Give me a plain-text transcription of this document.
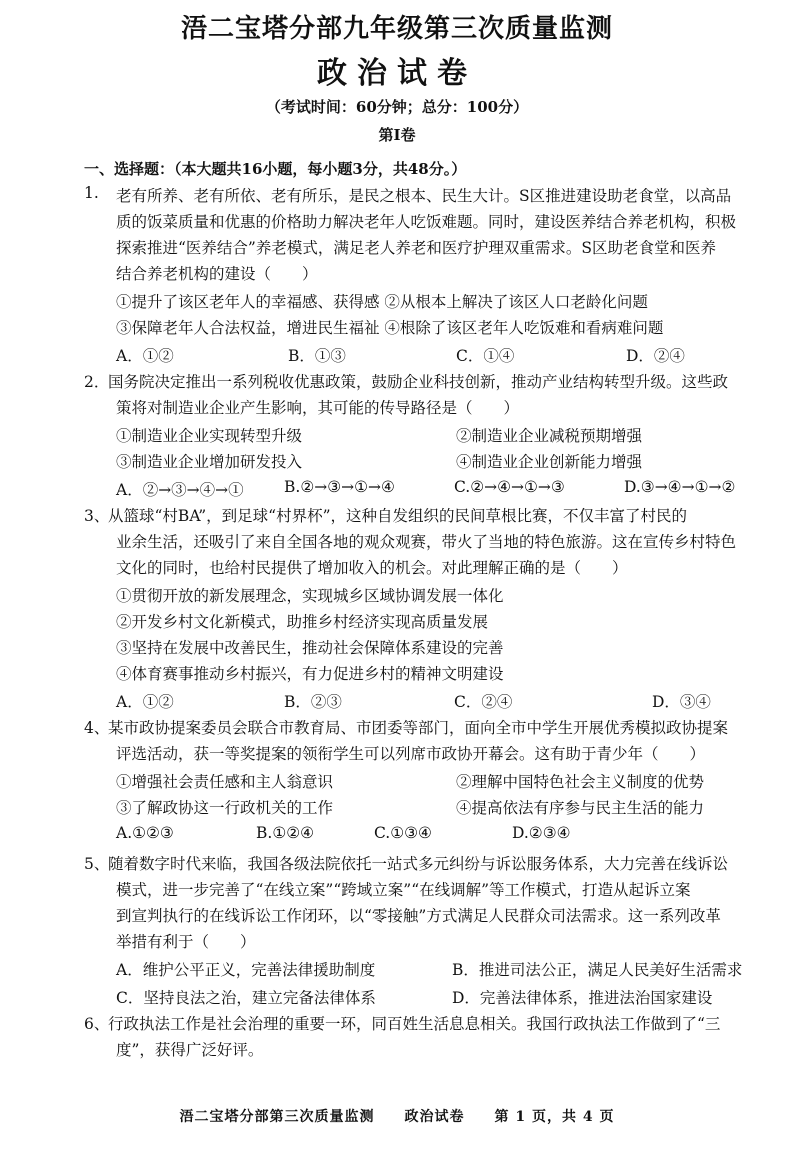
浯二宝塔分部九年级第三次质量监测
政治试卷
（考试时间：60分钟；总分：100分）
第Ⅰ卷
一、选择题：（本大题共16小题，每小题3分，共48分。）
1. 老有所养、老有所依、老有所乐，是民之根本、民生大计。S区推进建设助老食堂，以高品
质的饭菜质量和优惠的价格助力解决老年人吃饭难题。同时，建设医养结合养老机构，积极
探索推进“医养结合”养老模式，满足老人养老和医疗护理双重需求。S区助老食堂和医养
结合养老机构的建设（　　）
①提升了该区老年人的幸福感、获得感 ②从根本上解决了该区人口老龄化问题
③保障老年人合法权益，增进民生福祉 ④根除了该区老年人吃饭难和看病难问题
A．①②	B．①③	C．①④	D．②④
2．
国务院决定推出一系列税收优惠政策，鼓励企业科技创新，推动产业结构转型升级。这些政
策将对制造业企业产生影响，其可能的传导路径是（　　）
①制造业企业实现转型升级	②制造业企业减税预期增强
③制造业企业增加研发投入	④制造业企业创新能力增强
A．②→③→④→①	B.②→③→①→④	C.②→④→①→③	D.③→④→①→②
3、
从篮球“村BA”，到足球“村界杯”，这种自发组织的民间草根比赛，不仅丰富了村民的
业余生活，还吸引了来自全国各地的观众观赛，带火了当地的特色旅游。这在宣传乡村特色
文化的同时，也给村民提供了增加收入的机会。对此理解正确的是（　　）
①贯彻开放的新发展理念，实现城乡区域协调发展一体化
②开发乡村文化新模式，助推乡村经济实现高质量发展
③坚持在发展中改善民生，推动社会保障体系建设的完善
④体育赛事推动乡村振兴，有力促进乡村的精神文明建设
A．①②	B．②③	C．②④	D．③④
4、
某市政协提案委员会联合市教育局、市团委等部门，面向全市中学生开展优秀模拟政协提案
评选活动，获一等奖提案的领衔学生可以列席市政协开幕会。这有助于青少年（　　）
①增强社会责任感和主人翁意识	②理解中国特色社会主义制度的优势
③了解政协这一行政机关的工作	④提高依法有序参与民主生活的能力
A.①②③	B.①②④	C.①③④	D.②③④
5、
随着数字时代来临，我国各级法院依托一站式多元纠纷与诉讼服务体系，大力完善在线诉讼
模式，进一步完善了“在线立案”“跨域立案”“在线调解”等工作模式，打造从起诉立案
到宣判执行的在线诉讼工作闭环，以“零接触”方式满足人民群众司法需求。这一系列改革
举措有利于（　　）
A．维护公平正义，完善法律援助制度	B．推进司法公正，满足人民美好生活需求
C．坚持良法之治，建立完备法律体系	D．完善法律体系，推进法治国家建设
6、
行政执法工作是社会治理的重要一环，同百姓生活息息相关。我国行政执法工作做到了“三
度”，获得广泛好评。
浯二宝塔分部第三次质量监测　　政治试卷　　第 1 页，共 4 页
